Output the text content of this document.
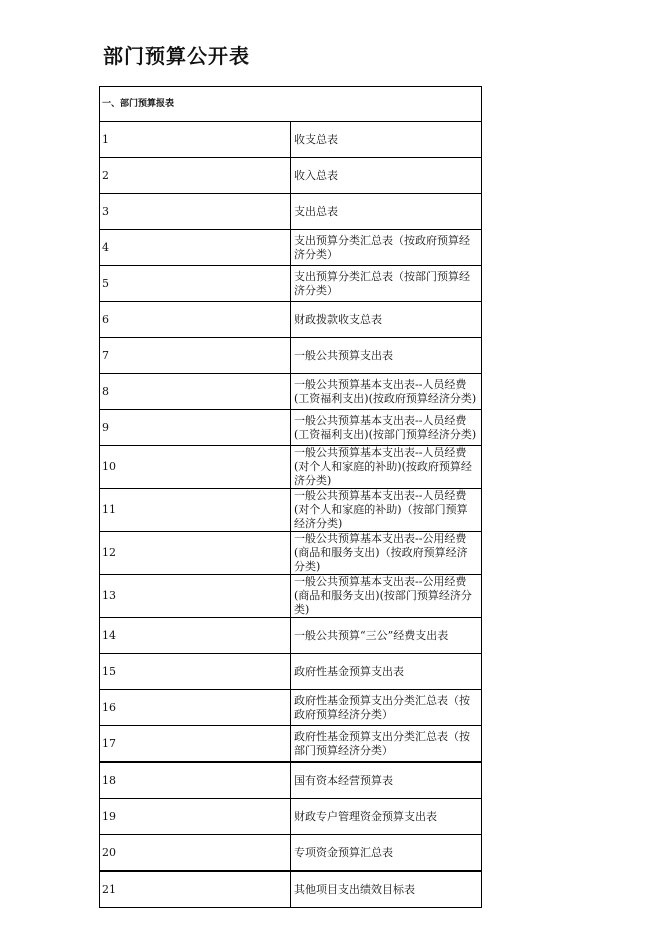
部门预算公开表
一、部门预算报表	
1	收支总表
2	收入总表
3	支出总表
4	支出预算分类汇总表（按政府预算经济分类）
5	支出预算分类汇总表（按部门预算经济分类）
6	财政拨款收支总表
7	一般公共预算支出表
8	一般公共预算基本支出表--人员经费(工资福利支出)(按政府预算经济分类)
9	一般公共预算基本支出表--人员经费(工资福利支出)(按部门预算经济分类)
10	一般公共预算基本支出表--人员经费(对个人和家庭的补助)(按政府预算经济分类)
11	一般公共预算基本支出表--人员经费(对个人和家庭的补助)（按部门预算经济分类)
12	一般公共预算基本支出表--公用经费(商品和服务支出)（按政府预算经济分类)
13	一般公共预算基本支出表--公用经费(商品和服务支出)(按部门预算经济分类)
14	一般公共预算“三公”经费支出表
15	政府性基金预算支出表
16	政府性基金预算支出分类汇总表（按政府预算经济分类）
17	政府性基金预算支出分类汇总表（按部门预算经济分类）
18	国有资本经营预算表
19	财政专户管理资金预算支出表
20	专项资金预算汇总表
21	其他项目支出绩效目标表
